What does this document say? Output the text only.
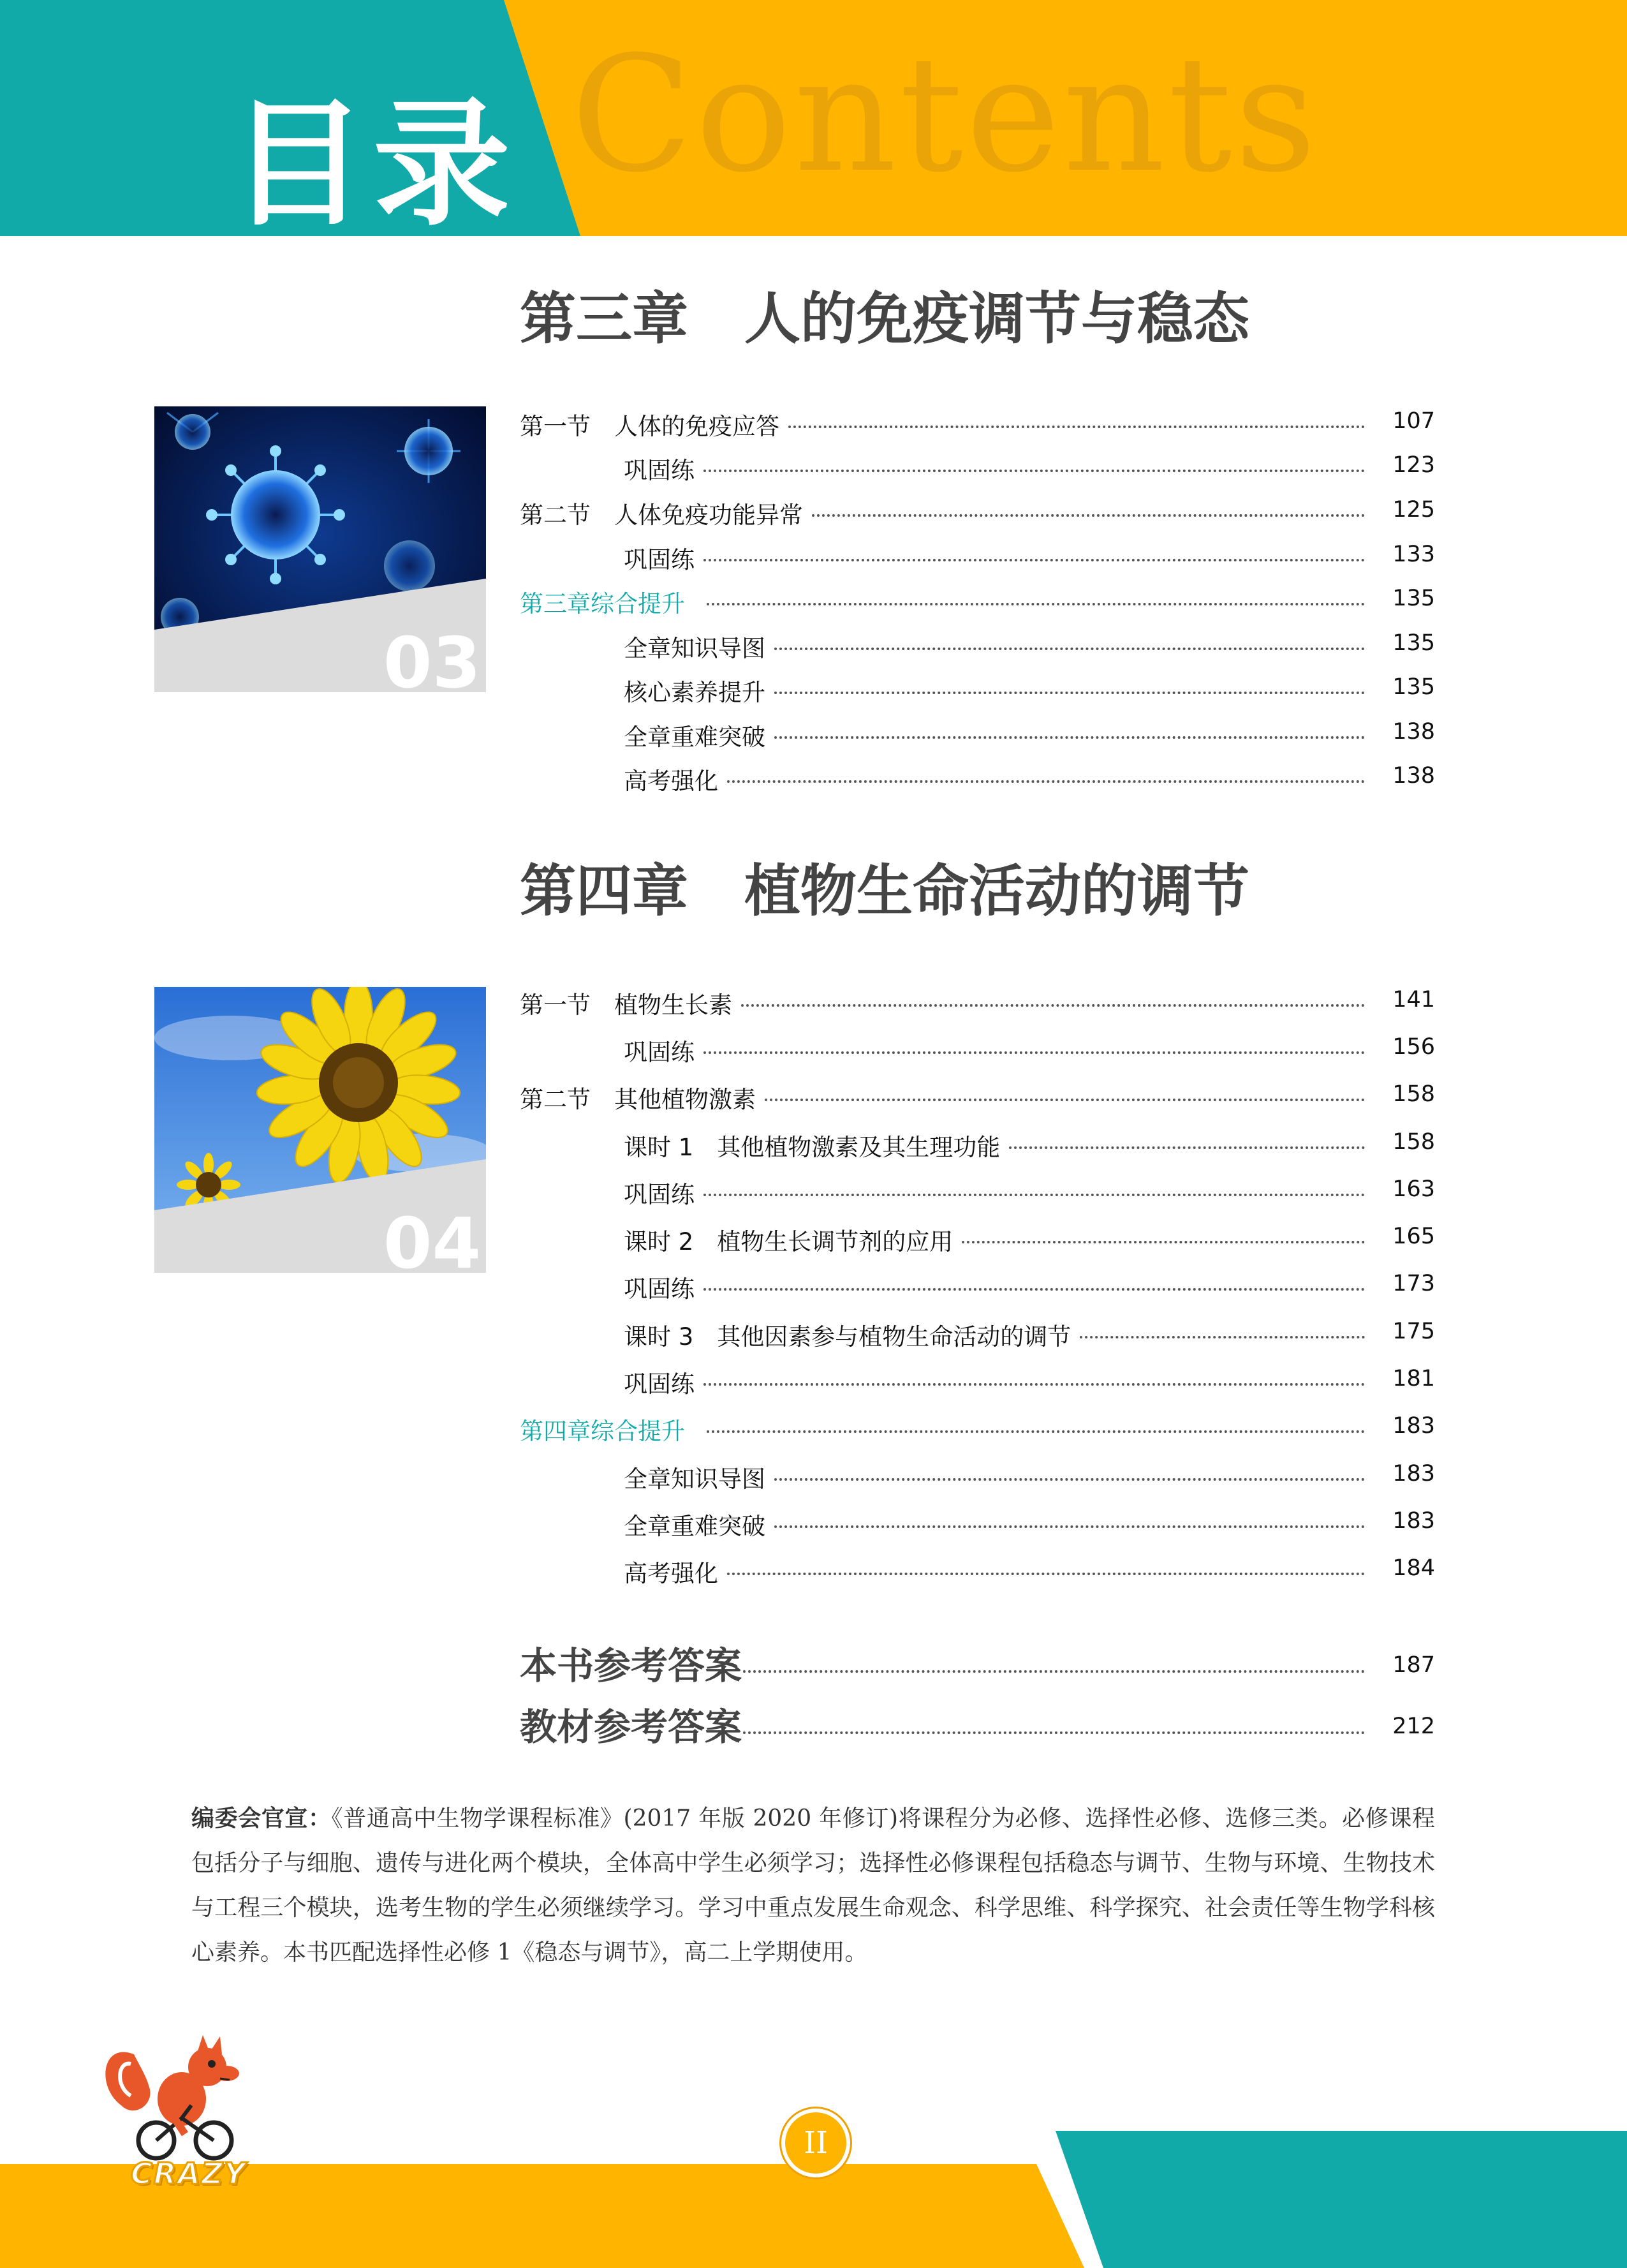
Contents
目录
第三章　人的免疫调节与稳态
03
第一节　人体的免疫应答	107
巩固练	123
第二节　人体免疫功能异常	125
巩固练	133
第三章综合提升	135
全章知识导图	135
核心素养提升	135
全章重难突破	138
高考强化	138
第四章　植物生命活动的调节
04
第一节　植物生长素	141
巩固练	156
第二节　其他植物激素	158
课时 1　其他植物激素及其生理功能	158
巩固练	163
课时 2　植物生长调节剂的应用	165
巩固练	173
课时 3　其他因素参与植物生命活动的调节	175
巩固练	181
第四章综合提升	183
全章知识导图	183
全章重难突破	183
高考强化	184
本书参考答案	187
教材参考答案	212
编委会官宣：《普通高中生物学课程标准》(2017 年版 2020 年修订)将课程分为必修、选择性必修、选修三类。必修课程包括分子与细胞、遗传与进化两个模块，全体高中学生必须学习；选择性必修课程包括稳态与调节、生物与环境、生物技术与工程三个模块，选考生物的学生必须继续学习。学习中重点发展生命观念、科学思维、科学探究、社会责任等生物学科核心素养。本书匹配选择性必修 1《稳态与调节》，高二上学期使用。
II
CRAZY
